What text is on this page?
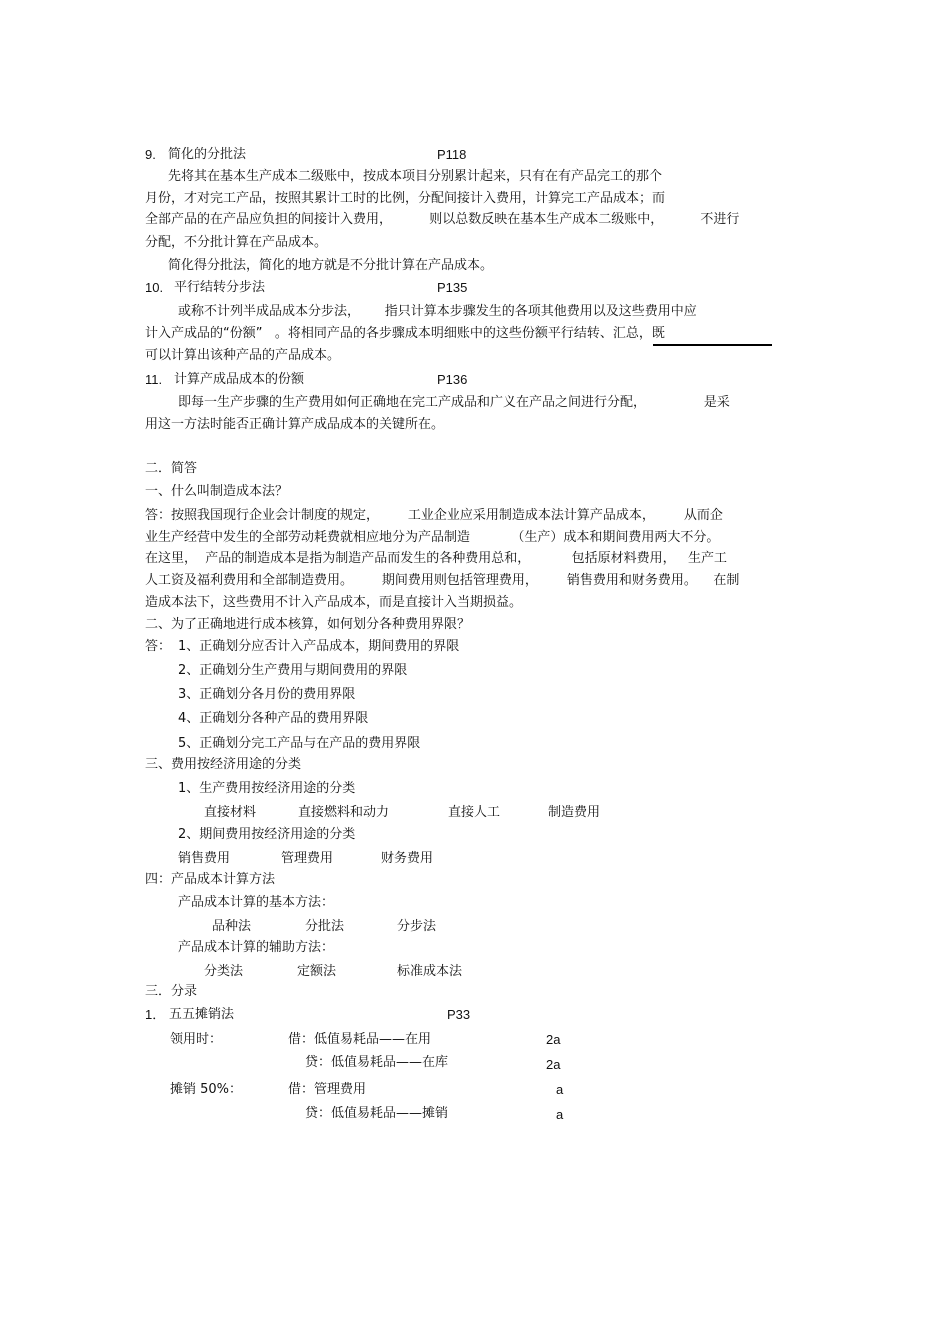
9. 简化的分批法	P118
先将其在基本生产成本二级账中，按成本项目分别累计起来，只有在有产品完工的那个
月份，才对完工产品，按照其累计工时的比例，分配间接计入费用，计算完工产品成本；而
全部产品的在产品应负担的间接计入费用，         则以总数反映在基本生产成本二级账中，         不进行
分配，不分批计算在产品成本。
简化得分批法，简化的地方就是不分批计算在产品成本。
10. 平行结转分步法	P135
或称不计列半成品成本分步法，      指只计算本步骤发生的各项其他费用以及这些费用中应
计入产成品的“份额”   。将相同产品的各步骤成本明细账中的这些份额平行结转、汇总，既
可以计算出该种产品的产品成本。
11. 计算产成品成本的份额	P136
即每一生产步骤的生产费用如何正确地在完工产成品和广义在产品之间进行分配，              是采
用这一方法时能否正确计算产成品成本的关键所在。
二．简答
一、什么叫制造成本法？
答：按照我国现行企业会计制度的规定，       工业企业应采用制造成本法计算产品成本，       从而企
业生产经营中发生的全部劳动耗费就相应地分为产品制造          （生产）成本和期间费用两大不分。
在这里，  产品的制造成本是指为制造产品而发生的各种费用总和，          包括原材料费用，   生产工
人工资及福利费用和全部制造费用。       期间费用则包括管理费用，       销售费用和财务费用。    在制
造成本法下，这些费用不计入产品成本，而是直接计入当期损益。
二、为了正确地进行成本核算，如何划分各种费用界限？
答： 1、正确划分应否计入产品成本，期间费用的界限
2、正确划分生产费用与期间费用的界限
3、正确划分各月份的费用界限
4、正确划分各种产品的费用界限
5、正确划分完工产品与在产品的费用界限
三、费用按经济用途的分类
1、生产费用按经济用途的分类
直接材料	直接燃料和动力	直接人工	制造费用
2、期间费用按经济用途的分类
销售费用	管理费用	财务费用
四：产品成本计算方法
产品成本计算的基本方法：
品种法	分批法	分步法
产品成本计算的辅助方法：
分类法	定额法	标准成本法
三．分录
1． 五五摊销法	P33
领用时：	借：低值易耗品——在用	2a
贷：低值易耗品——在库	2a
摊销 50%：	借：管理费用	a
贷：低值易耗品——摊销	a
